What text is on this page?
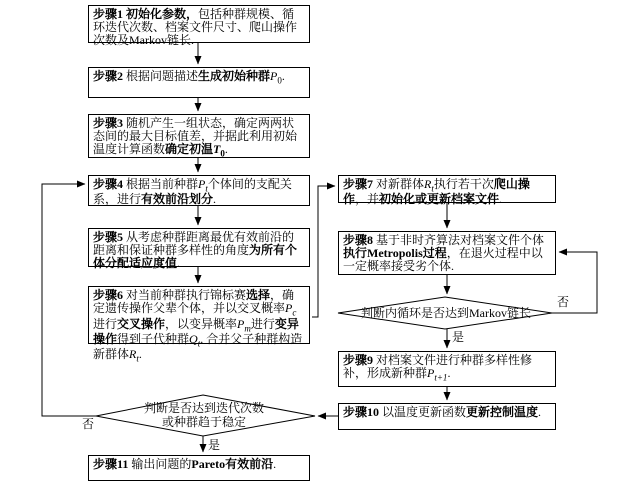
步骤1 初始化参数，包括种群规模、循环迭代次数、档案文件尺寸、爬山操作次数及Markov链长.
步骤2 根据问题描述生成初始种群$P_0$.
步骤3 随机产生一组状态，确定两两状态间的最大目标值差，并据此利用初始温度计算函数确定初温$T_0$.
步骤4 根据当前种群$P_t$个体间的支配关系，进行有效前沿划分.
步骤5 从考虑种群距离最优有效前沿的距离和保证种群多样性的角度为所有个体分配适应度值.
步骤6 对当前种群执行锦标赛选择，确定遗传操作父辈个体，并以交叉概率$P_c$进行交叉操作，以变异概率$P_m$进行变异操作得到子代种群$Q_t$. 合并父子种群构造新群体$R_t$.
步骤7 对新群体$R_t$执行若干次爬山操作，并初始化或更新档案文件.
步骤8 基于非时齐算法对档案文件个体执行Metropolis过程，在退火过程中以一定概率接受劣个体.
步骤9 对档案文件进行种群多样性修补，形成新种群$P_{t+1}$.
步骤10 以温度更新函数更新控制温度.
步骤11 输出问题的Pareto有效前沿.
判断内循环是否达到Markov链长
判断是否达到迭代次数
或种群趋于稳定
否
是
否
是
